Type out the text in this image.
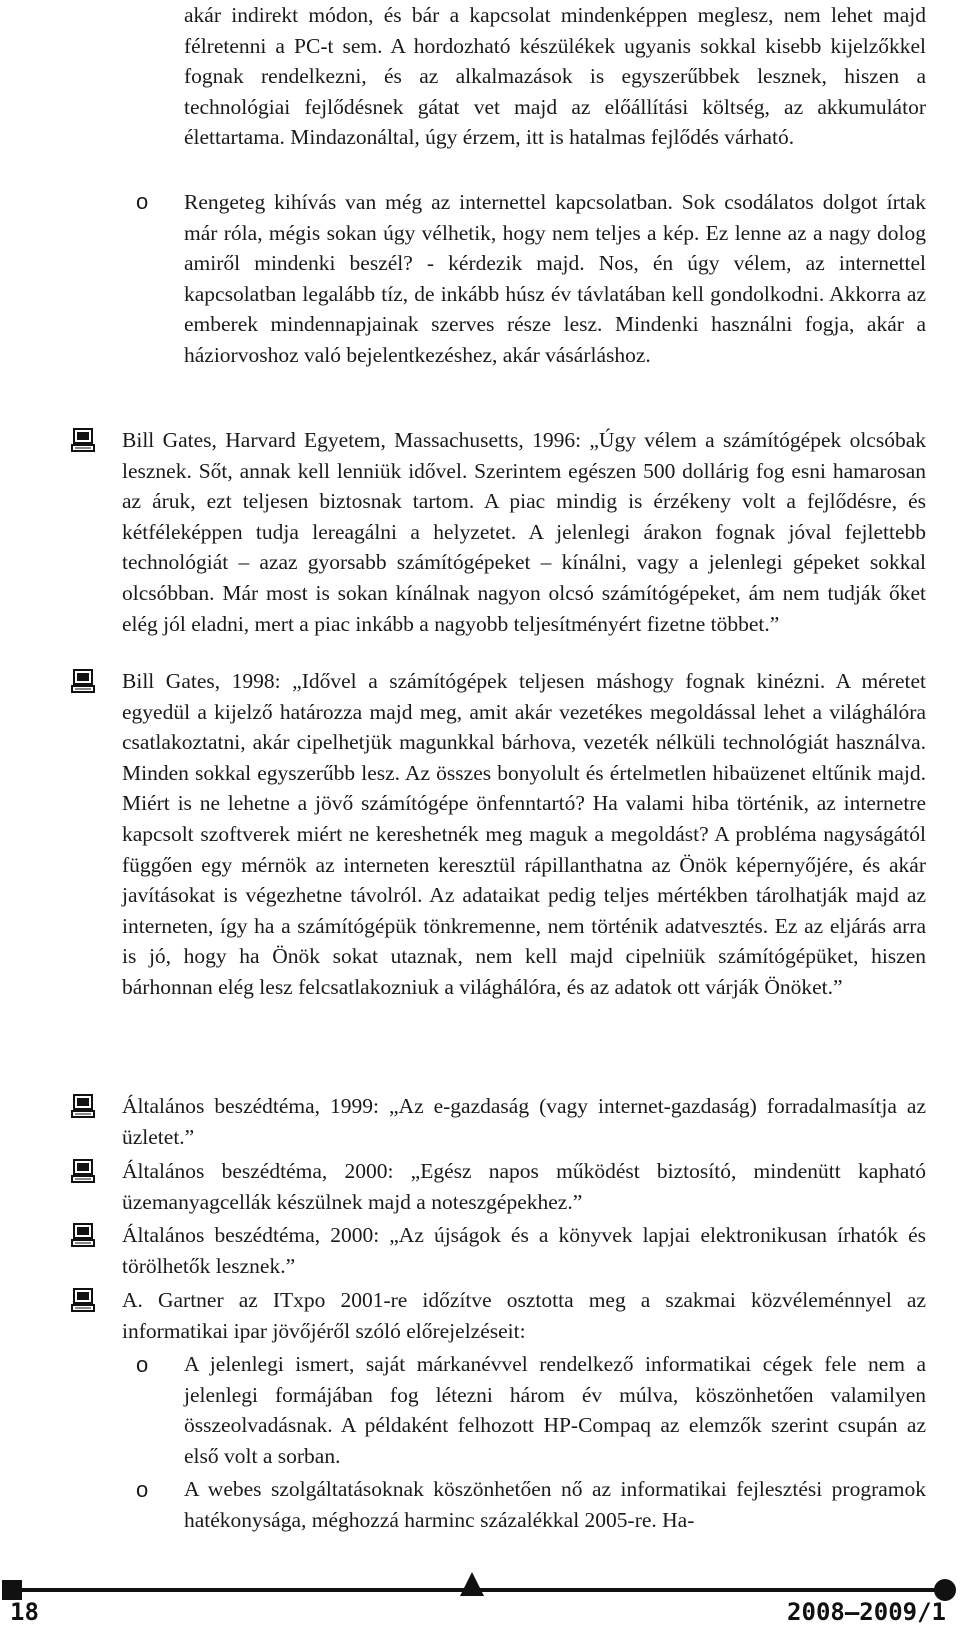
akár indirekt módon, és bár a kapcsolat mindenképpen meglesz, nem lehet majd félretenni a PC-t sem. A hordozható készülékek ugyanis sokkal kisebb kijelzőkkel fognak rendelkezni, és az alkalmazások is egyszerűbbek lesznek, hiszen a technológiai fejlődésnek gátat vet majd az előállítási költség, az akkumulátor élettartama. Mindazonáltal, úgy érzem, itt is hatalmas fejlődés várható.
o Rengeteg kihívás van még az internettel kapcsolatban. Sok csodálatos dolgot írtak már róla, mégis sokan úgy vélhetik, hogy nem teljes a kép. Ez lenne az a nagy dolog amiről mindenki beszél? - kérdezik majd. Nos, én úgy vélem, az internettel kapcsolatban legalább tíz, de inkább húsz év távlatában kell gondolkodni. Akkorra az emberek mindennapjainak szerves része lesz. Mindenki használni fogja, akár a háziorvoshoz való bejelentkezéshez, akár vásárláshoz.
Bill Gates, Harvard Egyetem, Massachusetts, 1996: „Úgy vélem a számítógépek olcsóbak lesznek. Sőt, annak kell lenniük idővel. Szerintem egészen 500 dollárig fog esni hamarosan az áruk, ezt teljesen biztosnak tartom. A piac mindig is érzékeny volt a fejlődésre, és kétféleképpen tudja lereagálni a helyzetet. A jelenlegi árakon fognak jóval fejlettebb technológiát – azaz gyorsabb számítógépeket – kínálni, vagy a jelenlegi gépeket sokkal olcsóbban. Már most is sokan kínálnak nagyon olcsó számítógépeket, ám nem tudják őket elég jól eladni, mert a piac inkább a nagyobb teljesítményért fizetne többet.”
Bill Gates, 1998: „Idővel a számítógépek teljesen máshogy fognak kinézni. A méretet egyedül a kijelző határozza majd meg, amit akár vezetékes megoldással lehet a világhálóra csatlakoztatni, akár cipelhetjük magunkkal bárhova, vezeték nélküli technológiát használva. Minden sokkal egyszerűbb lesz. Az összes bonyolult és értelmetlen hibaüzenet eltűnik majd. Miért is ne lehetne a jövő számítógépe önfenntartó? Ha valami hiba történik, az internetre kapcsolt szoftverek miért ne kereshetnék meg maguk a megoldást? A probléma nagyságától függően egy mérnök az interneten keresztül rápillanthatna az Önök képernyőjére, és akár javításokat is végezhetne távolról. Az adataikat pedig teljes mértékben tárolhatják majd az interneten, így ha a számítógépük tönkremenne, nem történik adatvesztés. Ez az eljárás arra is jó, hogy ha Önök sokat utaznak, nem kell majd cipelniük számítógépüket, hiszen bárhonnan elég lesz felcsatlakozniuk a világhálóra, és az adatok ott várják Önöket.”
Általános beszédtéma, 1999: „Az e-gazdaság (vagy internet-gazdaság) forradalmasítja az üzletet.”
Általános beszédtéma, 2000: „Egész napos működést biztosító, mindenütt kapható üzemanyagcellák készülnek majd a noteszgépekhez.”
Általános beszédtéma, 2000: „Az újságok és a könyvek lapjai elektronikusan írhatók és törölhetők lesznek.”
A. Gartner az ITxpo 2001-re időzítve osztotta meg a szakmai közvéleménnyel az informatikai ipar jövőjéről szóló előrejelzéseit:
o A jelenlegi ismert, saját márkanévvel rendelkező informatikai cégek fele nem a jelenlegi formájában fog létezni három év múlva, köszönhetően valamilyen összeolvadásnak. A példaként felhozott HP-Compaq az elemzők szerint csupán az első volt a sorban.
o A webes szolgáltatásoknak köszönhetően nő az informatikai fejlesztési programok hatékonysága, méghozzá harminc százalékkal 2005-re. Ha-
18	2008–2009/1
